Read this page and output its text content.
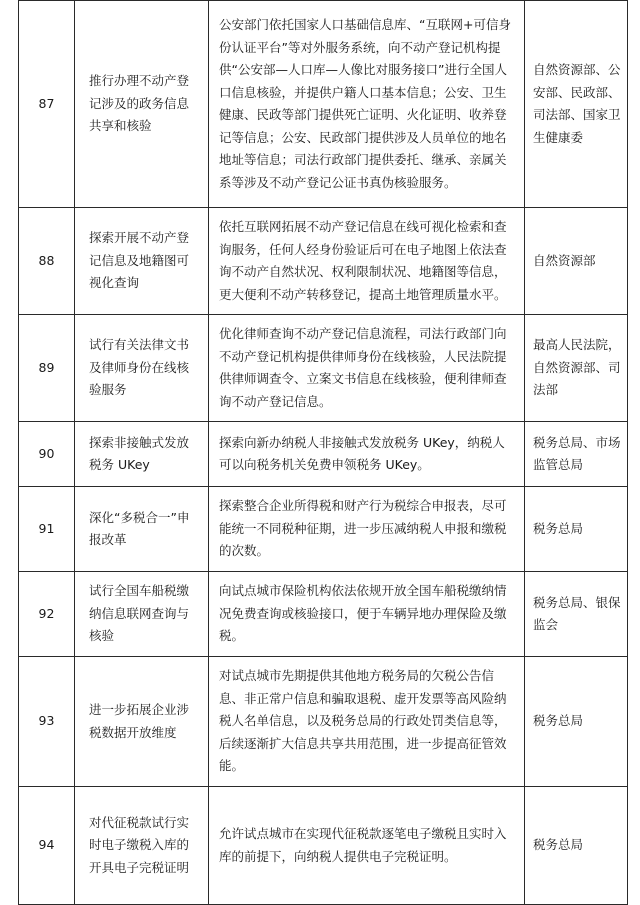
87	推行办理不动产登记涉及的政务信息共享和核验	公安部门依托国家人口基础信息库、“互联网+可信身份认证平台”等对外服务系统，向不动产登记机构提供“公安部—人口库—人像比对服务接口”进行全国人口信息核验，并提供户籍人口基本信息；公安、卫生健康、民政等部门提供死亡证明、火化证明、收养登记等信息；公安、民政部门提供涉及人员单位的地名地址等信息；司法行政部门提供委托、继承、亲属关系等涉及不动产登记公证书真伪核验服务。	自然资源部、公安部、民政部、司法部、国家卫生健康委
88	探索开展不动产登记信息及地籍图可视化查询	依托互联网拓展不动产登记信息在线可视化检索和查询服务，任何人经身份验证后可在电子地图上依法查询不动产自然状况、权利限制状况、地籍图等信息，更大便利不动产转移登记，提高土地管理质量水平。	自然资源部
89	试行有关法律文书及律师身份在线核验服务	优化律师查询不动产登记信息流程，司法行政部门向不动产登记机构提供律师身份在线核验，人民法院提供律师调查令、立案文书信息在线核验，便利律师查询不动产登记信息。	最高人民法院，自然资源部、司法部
90	探索非接触式发放税务 UKey	探索向新办纳税人非接触式发放税务 UKey，纳税人可以向税务机关免费申领税务 UKey。	税务总局、市场监管总局
91	深化“多税合一”申报改革	探索整合企业所得税和财产行为税综合申报表，尽可能统一不同税种征期，进一步压减纳税人申报和缴税的次数。	税务总局
92	试行全国车船税缴纳信息联网查询与核验	向试点城市保险机构依法依规开放全国车船税缴纳情况免费查询或核验接口，便于车辆异地办理保险及缴税。	税务总局、银保监会
93	进一步拓展企业涉税数据开放维度	对试点城市先期提供其他地方税务局的欠税公告信息、非正常户信息和骗取退税、虚开发票等高风险纳税人名单信息，以及税务总局的行政处罚类信息等，后续逐渐扩大信息共享共用范围，进一步提高征管效能。	税务总局
94	对代征税款试行实时电子缴税入库的开具电子完税证明	允许试点城市在实现代征税款逐笔电子缴税且实时入库的前提下，向纳税人提供电子完税证明。	税务总局
